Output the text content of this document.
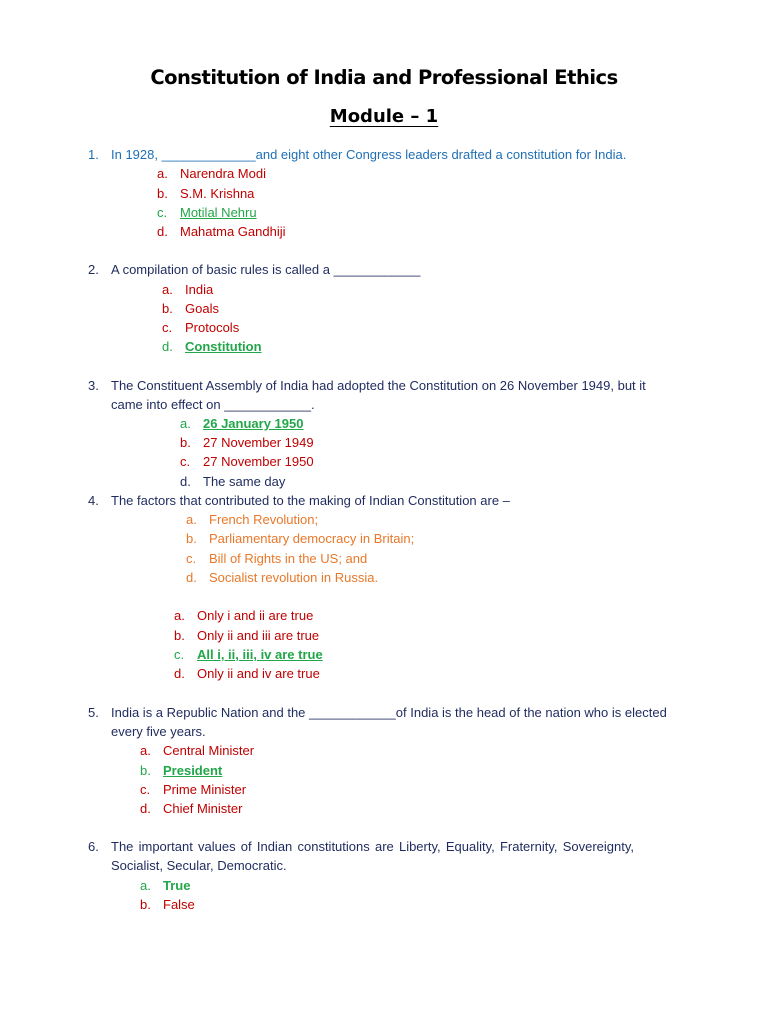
Constitution of India and Professional Ethics
Module – 1
1. In 1928, _____________and eight other Congress leaders drafted a constitution for India.
a. Narendra Modi
b. S.M. Krishna
c. Motilal Nehru
d. Mahatma Gandhiji
2. A compilation of basic rules is called a ____________
a. India
b. Goals
c. Protocols
d. Constitution
3. The Constituent Assembly of India had adopted the Constitution on 26 November 1949, but it
came into effect on ____________.
a. 26 January 1950
b. 27 November 1949
c. 27 November 1950
d. The same day
4. The factors that contributed to the making of Indian Constitution are –
a. French Revolution;
b. Parliamentary democracy in Britain;
c. Bill of Rights in the US; and
d. Socialist revolution in Russia.
a. Only i and ii are true
b. Only ii and iii are true
c. All i, ii, iii, iv are true
d. Only ii and iv are true
5. India is a Republic Nation and the ____________of India is the head of the nation who is elected
every five years.
a. Central Minister
b. President
c. Prime Minister
d. Chief Minister
6. The important values of Indian constitutions are Liberty, Equality, Fraternity, Sovereignty,
Socialist, Secular, Democratic.
a. True
b. False
